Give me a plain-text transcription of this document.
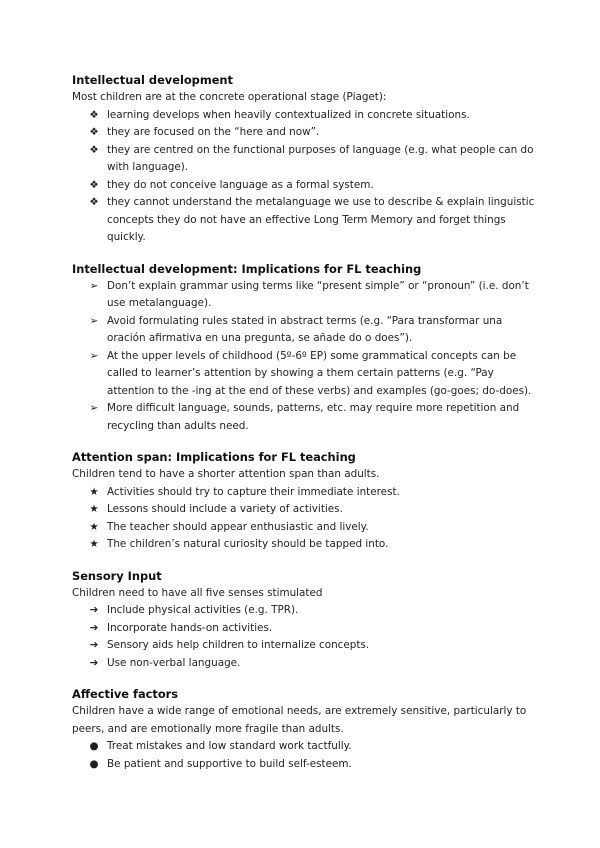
Intellectual development

Most children are at the concrete operational stage (Piaget):

❖ learning develops when heavily contextualized in concrete situations.
❖ they are focused on the “here and now”.
❖ they are centred on the functional purposes of language (e.g. what people can do with language).
❖ they do not conceive language as a formal system.
❖ they cannot understand the metalanguage we use to describe & explain linguistic concepts they do not have an effective Long Term Memory and forget things quickly.
Intellectual development: Implications for FL teaching
➢ Don’t explain grammar using terms like “present simple” or “pronoun” (i.e. don’t use metalanguage).
➢ Avoid formulating rules stated in abstract terms (e.g. “Para transformar una oración afirmativa en una pregunta, se añade do o does”).
➢ At the upper levels of childhood (5º-6º EP) some grammatical concepts can be called to learner’s attention by showing a them certain patterns (e.g. “Pay attention to the -ing at the end of these verbs) and examples (go-goes; do-does).
➢ More difficult language, sounds, patterns, etc. may require more repetition and recycling than adults need.
Attention span: Implications for FL teaching

Children tend to have a shorter attention span than adults.

★ Activities should try to capture their immediate interest.
★ Lessons should include a variety of activities.
★ The teacher should appear enthusiastic and lively.
★ The children’s natural curiosity should be tapped into.
Sensory Input

Children need to have all five senses stimulated

➔ Include physical activities (e.g. TPR).
➔ Incorporate hands-on activities.
➔ Sensory aids help children to internalize concepts.
➔ Use non-verbal language.
Affective factors

Children have a wide range of emotional needs, are extremely sensitive, particularly to peers, and are emotionally more fragile than adults.

● Treat mistakes and low standard work tactfully.
● Be patient and supportive to build self-esteem.
